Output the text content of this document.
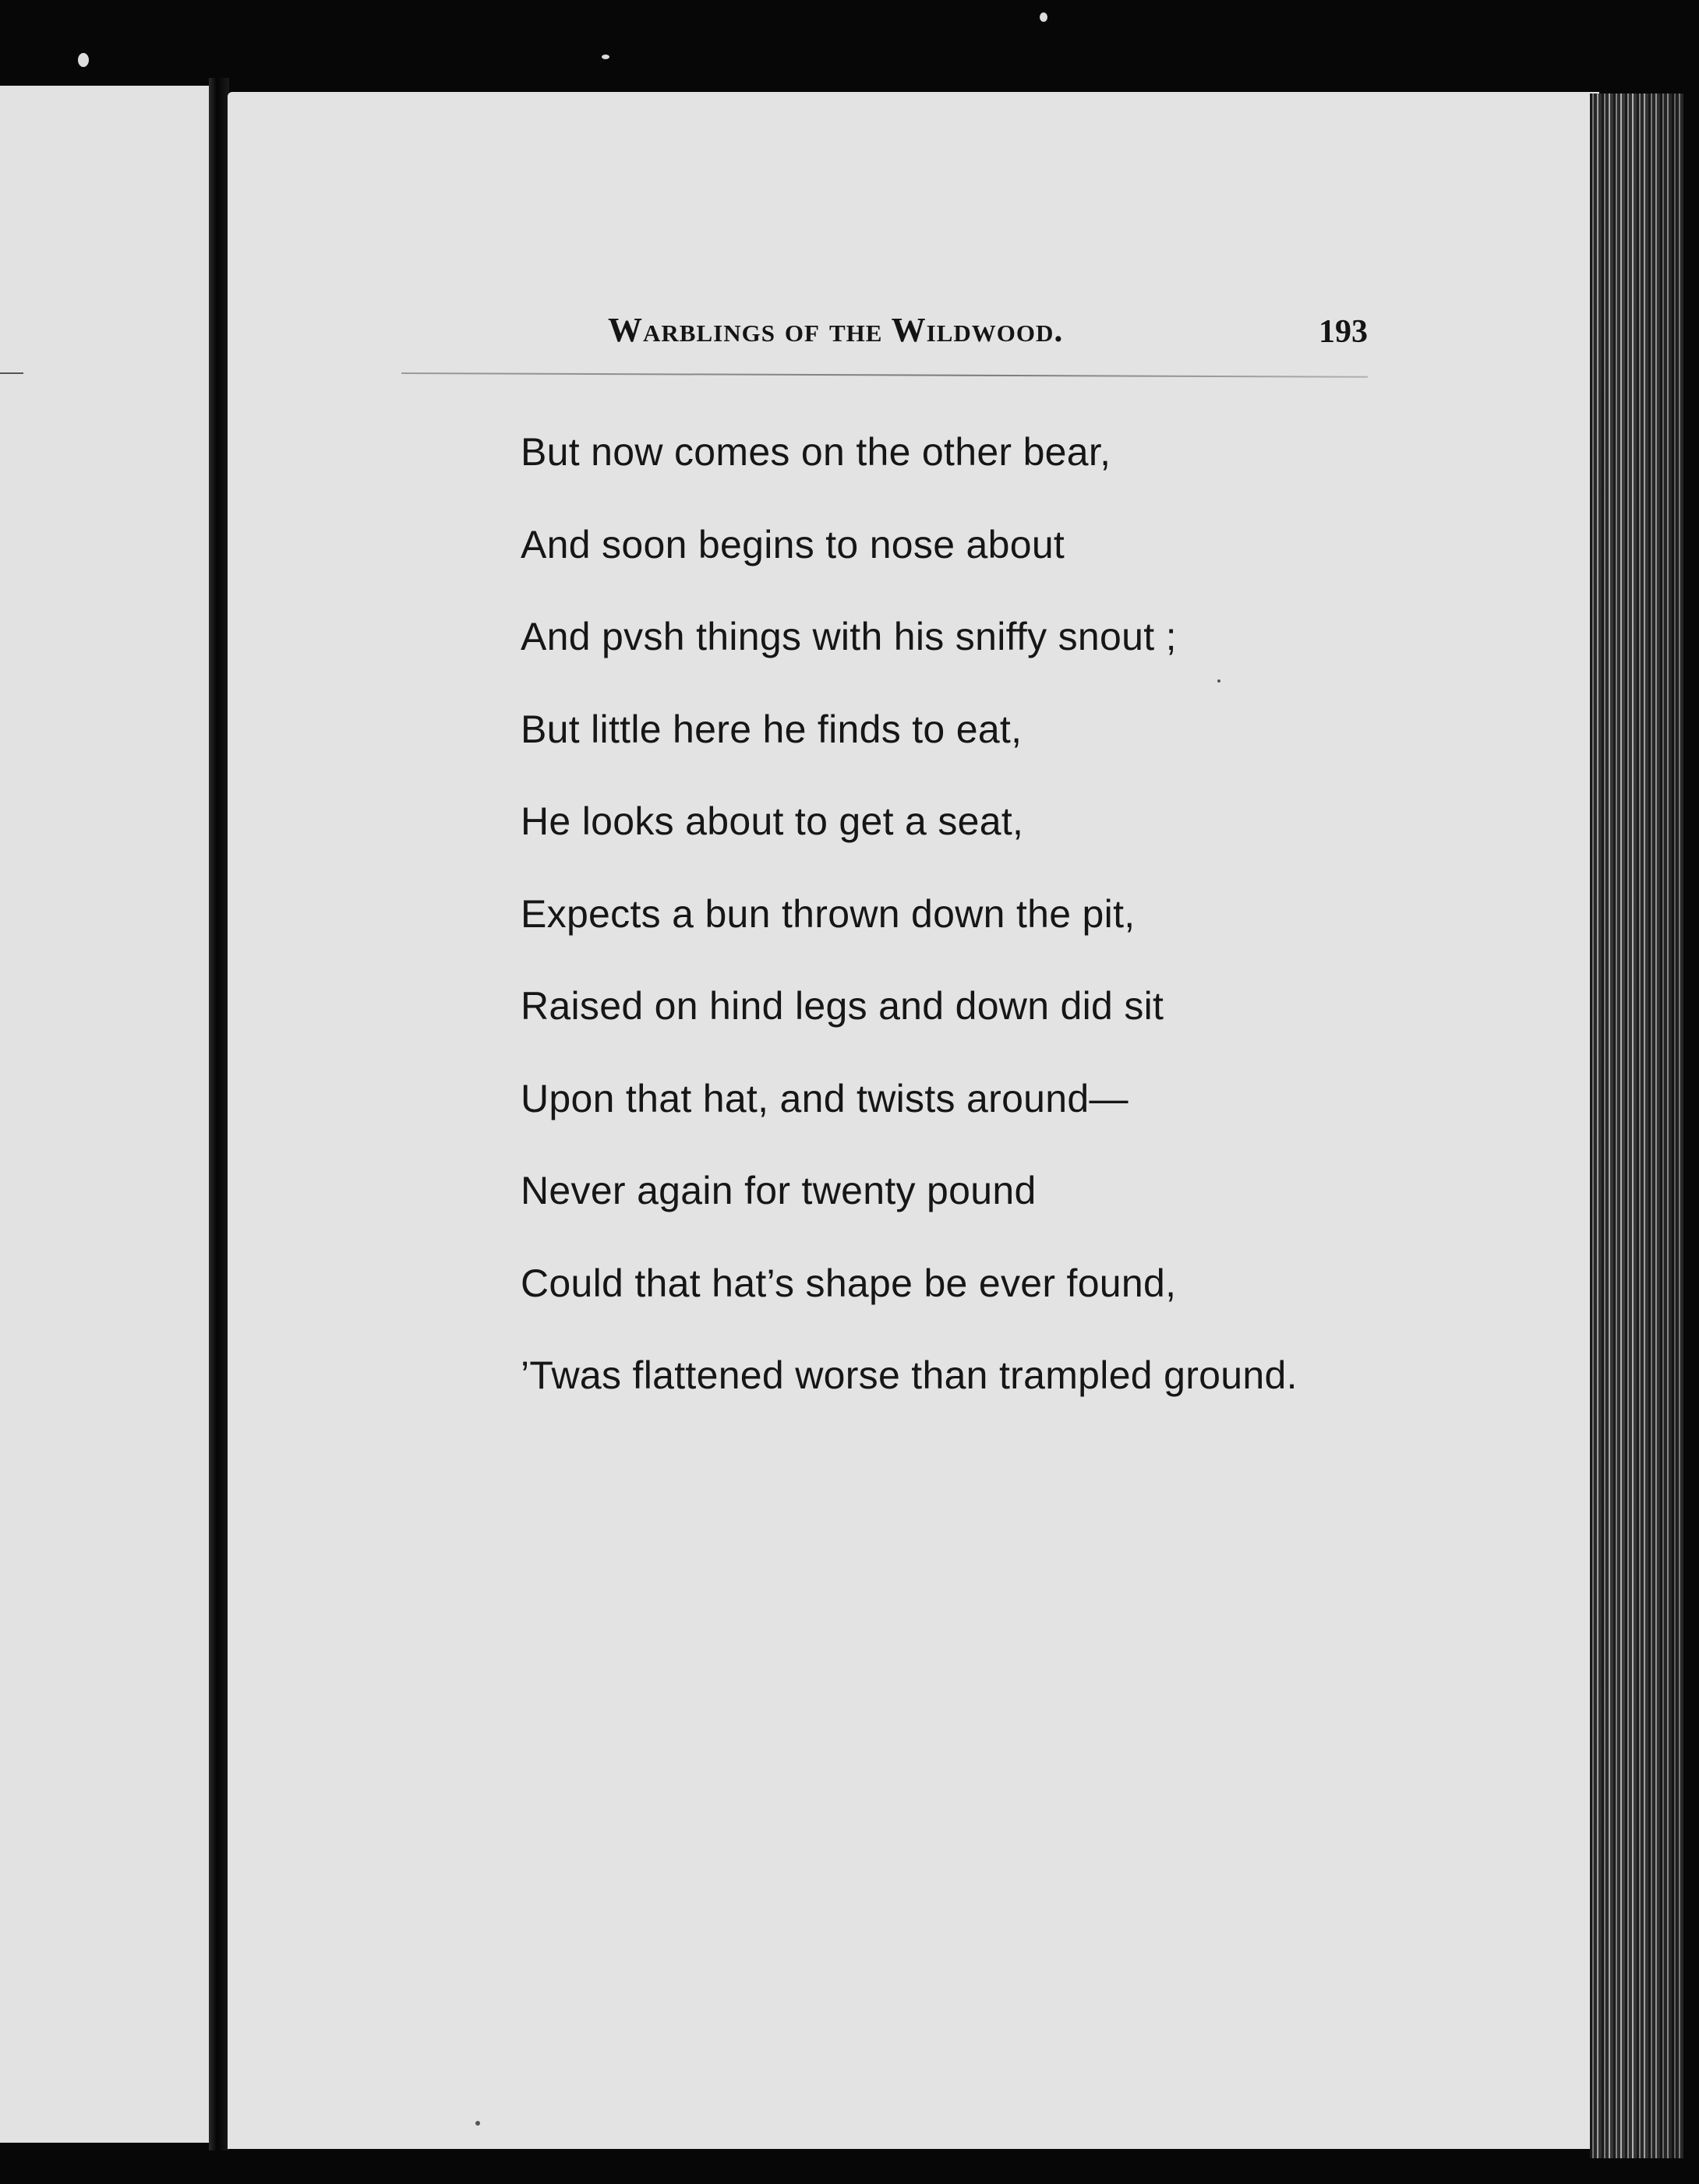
Warblings of the Wildwood.	193
But now comes on the other bear,
And soon begins to nose about
And pvsh things with his sniffy snout ;
But little here he finds to eat,
He looks about to get a seat,
Expects a bun thrown down the pit,
Raised on hind legs and down did sit
Upon that hat, and twists around—
Never again for twenty pound
Could that hat’s shape be ever found,
’Twas flattened worse than trampled ground.
